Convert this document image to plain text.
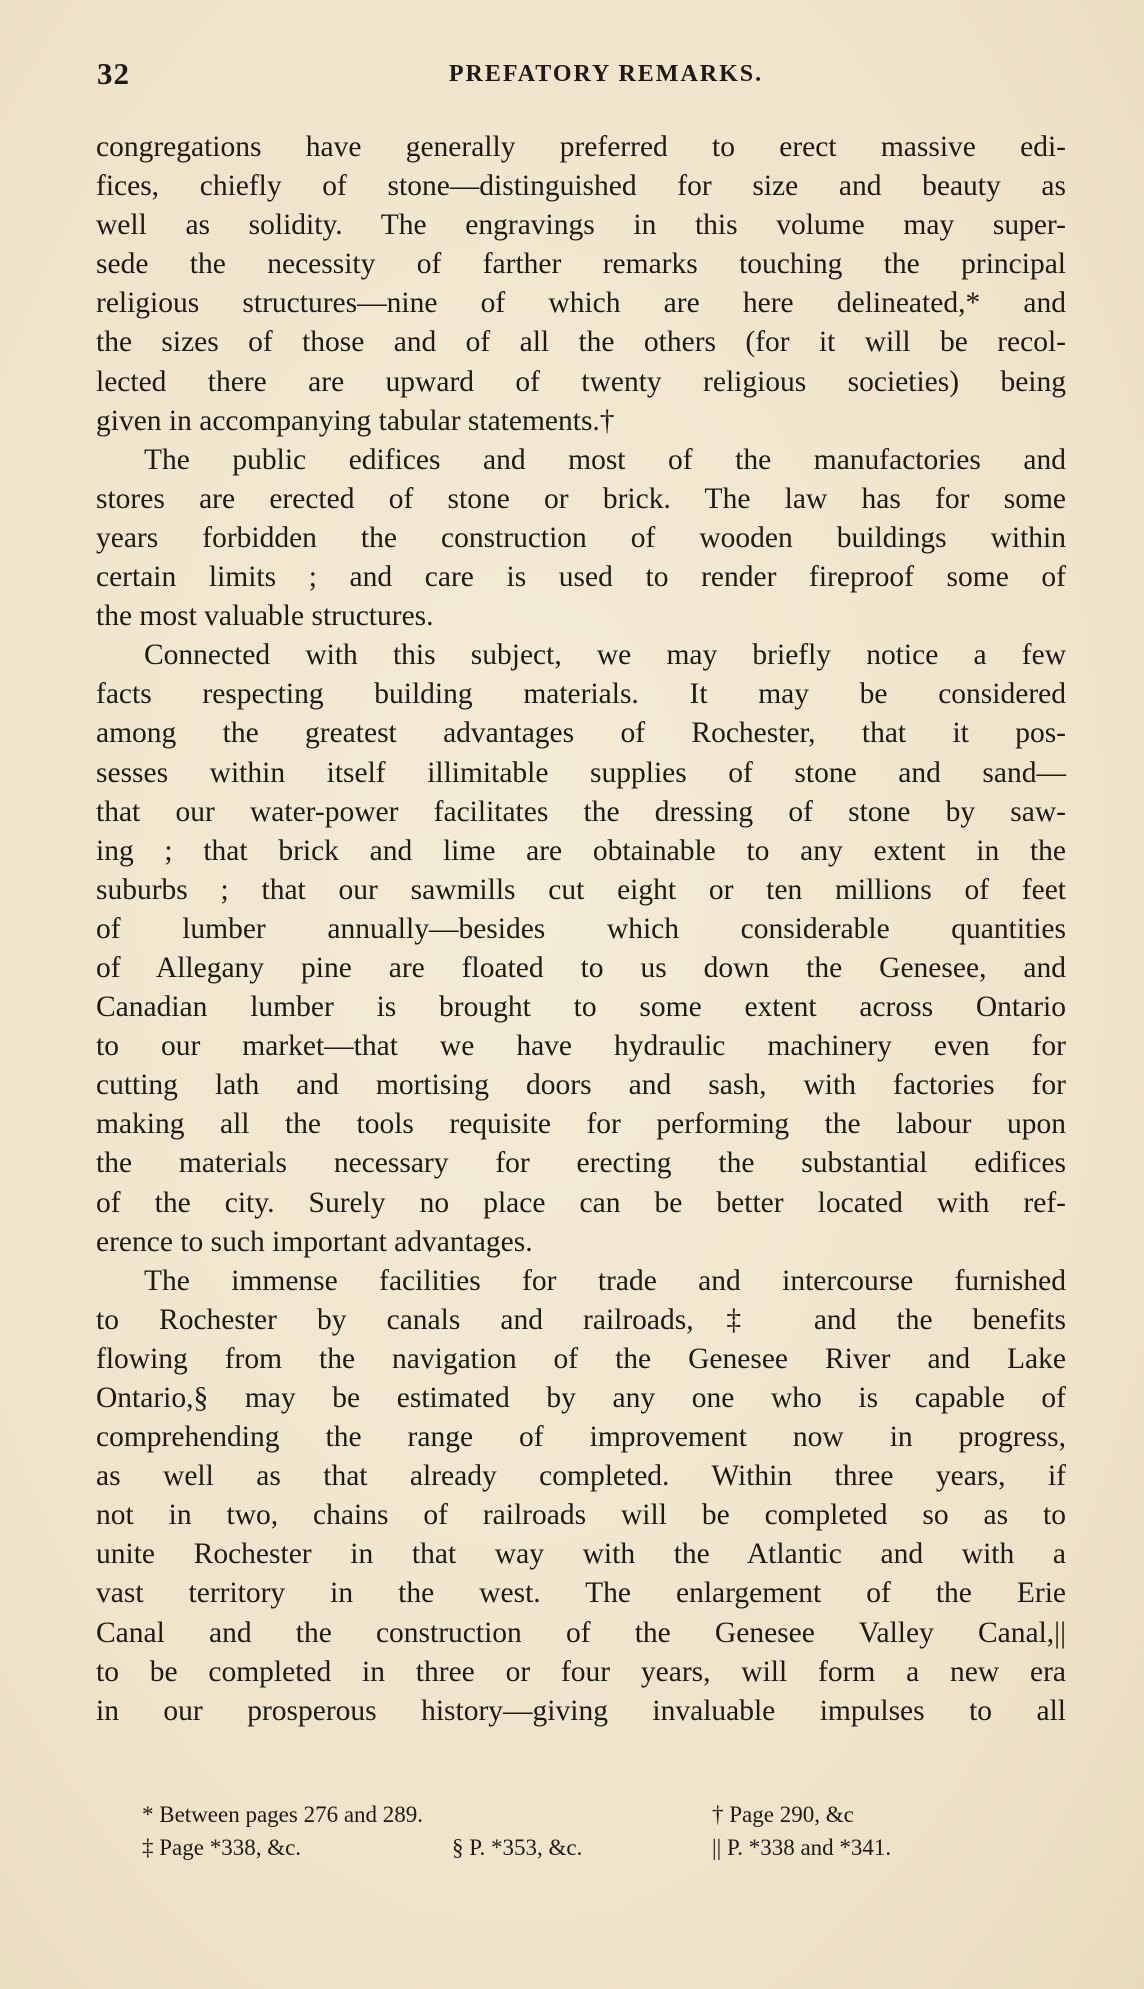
32	PREFATORY REMARKS.
congregations have generally preferred to erect massive edi-
fices, chiefly of stone—distinguished for size and beauty as
well as solidity. The engravings in this volume may super-
sede the necessity of farther remarks touching the principal
religious structures—nine of which are here delineated,* and
the sizes of those and of all the others (for it will be recol-
lected there are upward of twenty religious societies) being
given in accompanying tabular statements.†
The public edifices and most of the manufactories and
stores are erected of stone or brick. The law has for some
years forbidden the construction of wooden buildings within
certain limits ; and care is used to render fireproof some of
the most valuable structures.
Connected with this subject, we may briefly notice a few
facts respecting building materials. It may be considered
among the greatest advantages of Rochester, that it pos-
sesses within itself illimitable supplies of stone and sand—
that our water-power facilitates the dressing of stone by saw-
ing ; that brick and lime are obtainable to any extent in the
suburbs ; that our sawmills cut eight or ten millions of feet
of lumber annually—besides which considerable quantities
of Allegany pine are floated to us down the Genesee, and
Canadian lumber is brought to some extent across Ontario
to our market—that we have hydraulic machinery even for
cutting lath and mortising doors and sash, with factories for
making all the tools requisite for performing the labour upon
the materials necessary for erecting the substantial edifices
of the city. Surely no place can be better located with ref-
erence to such important advantages.
The immense facilities for trade and intercourse furnished
to Rochester by canals and railroads,‡ and the benefits
flowing from the navigation of the Genesee River and Lake
Ontario,§ may be estimated by any one who is capable of
comprehending the range of improvement now in progress,
as well as that already completed. Within three years, if
not in two, chains of railroads will be completed so as to
unite Rochester in that way with the Atlantic and with a
vast territory in the west. The enlargement of the Erie
Canal and the construction of the Genesee Valley Canal,||
to be completed in three or four years, will form a new era
in our prosperous history—giving invaluable impulses to all
* Between pages 276 and 289.	† Page 290, &c
‡ Page *338, &c.	§ P. *353, &c.	|| P. *338 and *341.
